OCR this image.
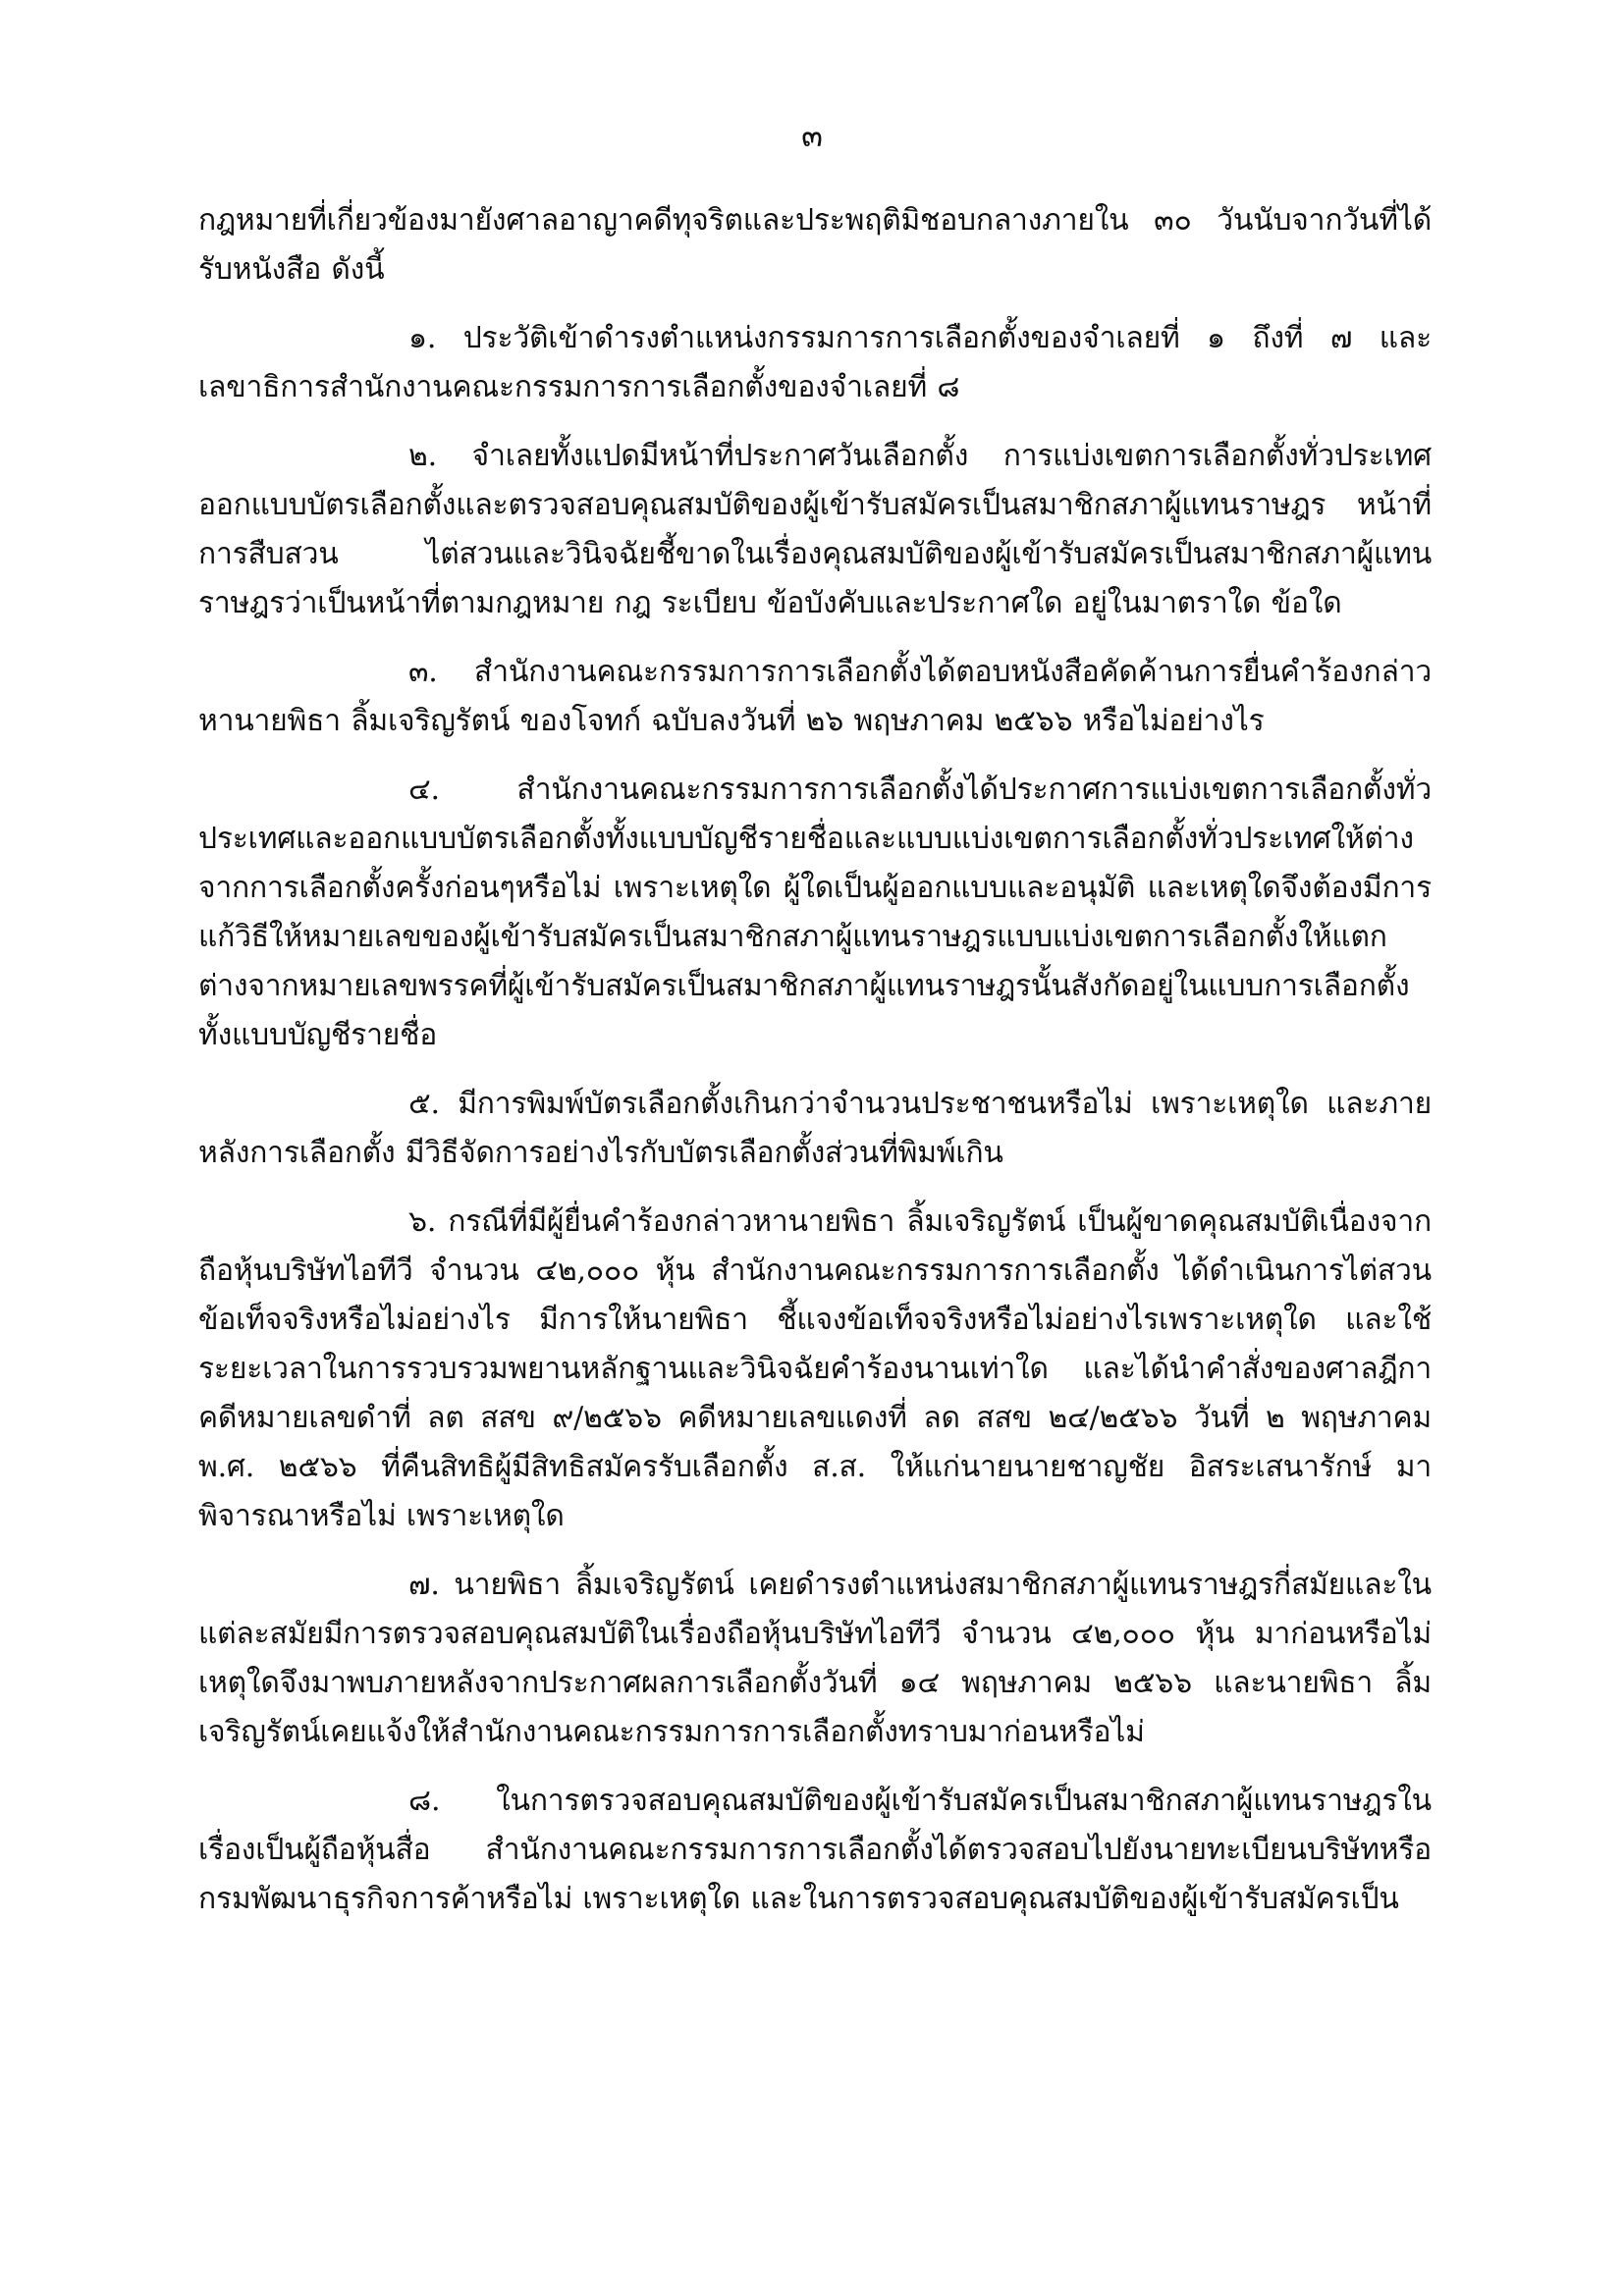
๓

กฎหมายที่เกี่ยวข้องมายังศาลอาญาคดีทุจริตและประพฤติมิชอบกลางภายใน ๓๐ วันนับจากวันที่ได้รับหนังสือ ดังนี้

๑. ประวัติเข้าดำรงตำแหน่งกรรมการการเลือกตั้งของจำเลยที่ ๑ ถึงที่ ๗ และเลขาธิการสำนักงานคณะกรรมการการเลือกตั้งของจำเลยที่ ๘

๒. จำเลยทั้งแปดมีหน้าที่ประกาศวันเลือกตั้ง การแบ่งเขตการเลือกตั้งทั่วประเทศ ออกแบบบัตรเลือกตั้งและตรวจสอบคุณสมบัติของผู้เข้ารับสมัครเป็นสมาชิกสภาผู้แทนราษฎร หน้าที่การสืบสวน ไต่สวนและวินิจฉัยชี้ขาดในเรื่องคุณสมบัติของผู้เข้ารับสมัครเป็นสมาชิกสภาผู้แทนราษฎรว่าเป็นหน้าที่ตามกฎหมาย กฎ ระเบียบ ข้อบังคับและประกาศใด อยู่ในมาตราใด ข้อใด

๓. สำนักงานคณะกรรมการการเลือกตั้งได้ตอบหนังสือคัดค้านการยื่นคำร้องกล่าวหานายพิธา ลิ้มเจริญรัตน์ ของโจทก์ ฉบับลงวันที่ ๒๖ พฤษภาคม ๒๕๖๖ หรือไม่อย่างไร

๔. สำนักงานคณะกรรมการการเลือกตั้งได้ประกาศการแบ่งเขตการเลือกตั้งทั่วประเทศและออกแบบบัตรเลือกตั้งทั้งแบบบัญชีรายชื่อและแบบแบ่งเขตการเลือกตั้งทั่วประเทศให้ต่างจากการเลือกตั้งครั้งก่อนๆหรือไม่ เพราะเหตุใด ผู้ใดเป็นผู้ออกแบบและอนุมัติ และเหตุใดจึงต้องมีการแก้วิธีให้หมายเลขของผู้เข้ารับสมัครเป็นสมาชิกสภาผู้แทนราษฎรแบบแบ่งเขตการเลือกตั้งให้แตกต่างจากหมายเลขพรรคที่ผู้เข้ารับสมัครเป็นสมาชิกสภาผู้แทนราษฎรนั้นสังกัดอยู่ในแบบการเลือกตั้งทั้งแบบบัญชีรายชื่อ

๕. มีการพิมพ์บัตรเลือกตั้งเกินกว่าจำนวนประชาชนหรือไม่ เพราะเหตุใด และภายหลังการเลือกตั้ง มีวิธีจัดการอย่างไรกับบัตรเลือกตั้งส่วนที่พิมพ์เกิน

๖. กรณีที่มีผู้ยื่นคำร้องกล่าวหานายพิธา ลิ้มเจริญรัตน์ เป็นผู้ขาดคุณสมบัติเนื่องจากถือหุ้นบริษัทไอทีวี จำนวน ๔๒,๐๐๐ หุ้น สำนักงานคณะกรรมการการเลือกตั้ง ได้ดำเนินการไต่สวนข้อเท็จจริงหรือไม่อย่างไร มีการให้นายพิธา ชี้แจงข้อเท็จจริงหรือไม่อย่างไรเพราะเหตุใด และใช้ระยะเวลาในการรวบรวมพยานหลักฐานและวินิจฉัยคำร้องนานเท่าใด และได้นำคำสั่งของศาลฎีกาคดีหมายเลขดำที่ ลต สสข ๙/๒๕๖๖ คดีหมายเลขแดงที่ ลด สสข ๒๔/๒๕๖๖ วันที่ ๒ พฤษภาคม พ.ศ. ๒๕๖๖ ที่คืนสิทธิผู้มีสิทธิสมัครรับเลือกตั้ง ส.ส. ให้แก่นายนายชาญชัย อิสระเสนารักษ์ มาพิจารณาหรือไม่ เพราะเหตุใด

๗. นายพิธา ลิ้มเจริญรัตน์ เคยดำรงตำแหน่งสมาชิกสภาผู้แทนราษฎรกี่สมัยและในแต่ละสมัยมีการตรวจสอบคุณสมบัติในเรื่องถือหุ้นบริษัทไอทีวี จำนวน ๔๒,๐๐๐ หุ้น มาก่อนหรือไม่เหตุใดจึงมาพบภายหลังจากประกาศผลการเลือกตั้งวันที่ ๑๔ พฤษภาคม ๒๕๖๖ และนายพิธา ลิ้มเจริญรัตน์เคยแจ้งให้สำนักงานคณะกรรมการการเลือกตั้งทราบมาก่อนหรือไม่

๘. ในการตรวจสอบคุณสมบัติของผู้เข้ารับสมัครเป็นสมาชิกสภาผู้แทนราษฎรในเรื่องเป็นผู้ถือหุ้นสื่อ สำนักงานคณะกรรมการการเลือกตั้งได้ตรวจสอบไปยังนายทะเบียนบริษัทหรือกรมพัฒนาธุรกิจการค้าหรือไม่ เพราะเหตุใด และในการตรวจสอบคุณสมบัติของผู้เข้ารับสมัครเป็น
